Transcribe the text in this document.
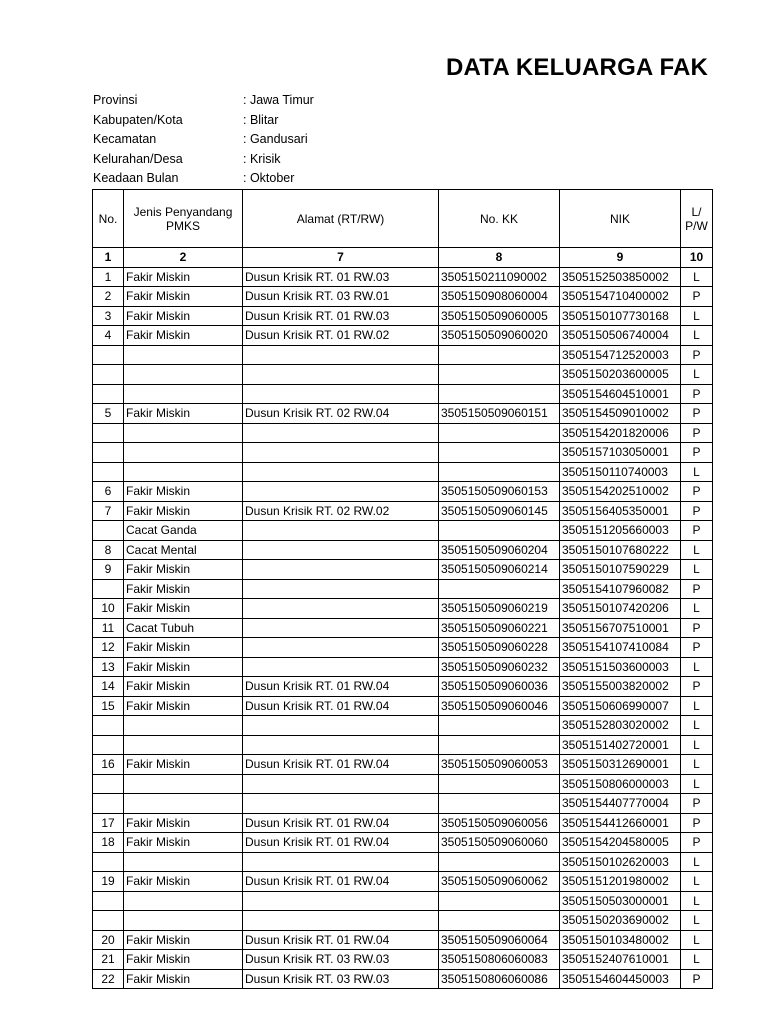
DATA KELUARGA FAK
Provinsi	: Jawa Timur
Kabupaten/Kota	: Blitar
Kecamatan	: Gandusari
Kelurahan/Desa	: Krisik
Keadaan Bulan	: Oktober
No.	Jenis Penyandang PMKS	Alamat (RT/RW)	No. KK	NIK	L/ P/W
1	2	7	8	9	10
1	Fakir Miskin	Dusun Krisik RT. 01 RW.03	3505150211090002	3505152503850002	L
2	Fakir Miskin	Dusun Krisik RT. 03 RW.01	3505150908060004	3505154710400002	P
3	Fakir Miskin	Dusun Krisik RT. 01 RW.03	3505150509060005	3505150107730168	L
4	Fakir Miskin	Dusun Krisik RT. 01 RW.02	3505150509060020	3505150506740004	L
				3505154712520003	P
				3505150203600005	L
				3505154604510001	P
5	Fakir Miskin	Dusun Krisik RT. 02 RW.04	3505150509060151	3505154509010002	P
				3505154201820006	P
				3505157103050001	P
				3505150110740003	L
6	Fakir Miskin		3505150509060153	3505154202510002	P
7	Fakir Miskin	Dusun Krisik RT. 02 RW.02	3505150509060145	3505156405350001	P
	Cacat Ganda			3505151205660003	P
8	Cacat Mental		3505150509060204	3505150107680222	L
9	Fakir Miskin		3505150509060214	3505150107590229	L
	Fakir Miskin			3505154107960082	P
10	Fakir Miskin		3505150509060219	3505150107420206	L
11	Cacat Tubuh		3505150509060221	3505156707510001	P
12	Fakir Miskin		3505150509060228	3505154107410084	P
13	Fakir Miskin		3505150509060232	3505151503600003	L
14	Fakir Miskin	Dusun Krisik RT. 01 RW.04	3505150509060036	3505155003820002	P
15	Fakir Miskin	Dusun Krisik RT. 01 RW.04	3505150509060046	3505150606990007	L
				3505152803020002	L
				3505151402720001	L
16	Fakir Miskin	Dusun Krisik RT. 01 RW.04	3505150509060053	3505150312690001	L
				3505150806000003	L
				3505154407770004	P
17	Fakir Miskin	Dusun Krisik RT. 01 RW.04	3505150509060056	3505154412660001	P
18	Fakir Miskin	Dusun Krisik RT. 01 RW.04	3505150509060060	3505154204580005	P
				3505150102620003	L
19	Fakir Miskin	Dusun Krisik RT. 01 RW.04	3505150509060062	3505151201980002	L
				3505150503000001	L
				3505150203690002	L
20	Fakir Miskin	Dusun Krisik RT. 01 RW.04	3505150509060064	3505150103480002	L
21	Fakir Miskin	Dusun Krisik RT. 03 RW.03	3505150806060083	3505152407610001	L
22	Fakir Miskin	Dusun Krisik RT. 03 RW.03	3505150806060086	3505154604450003	P
